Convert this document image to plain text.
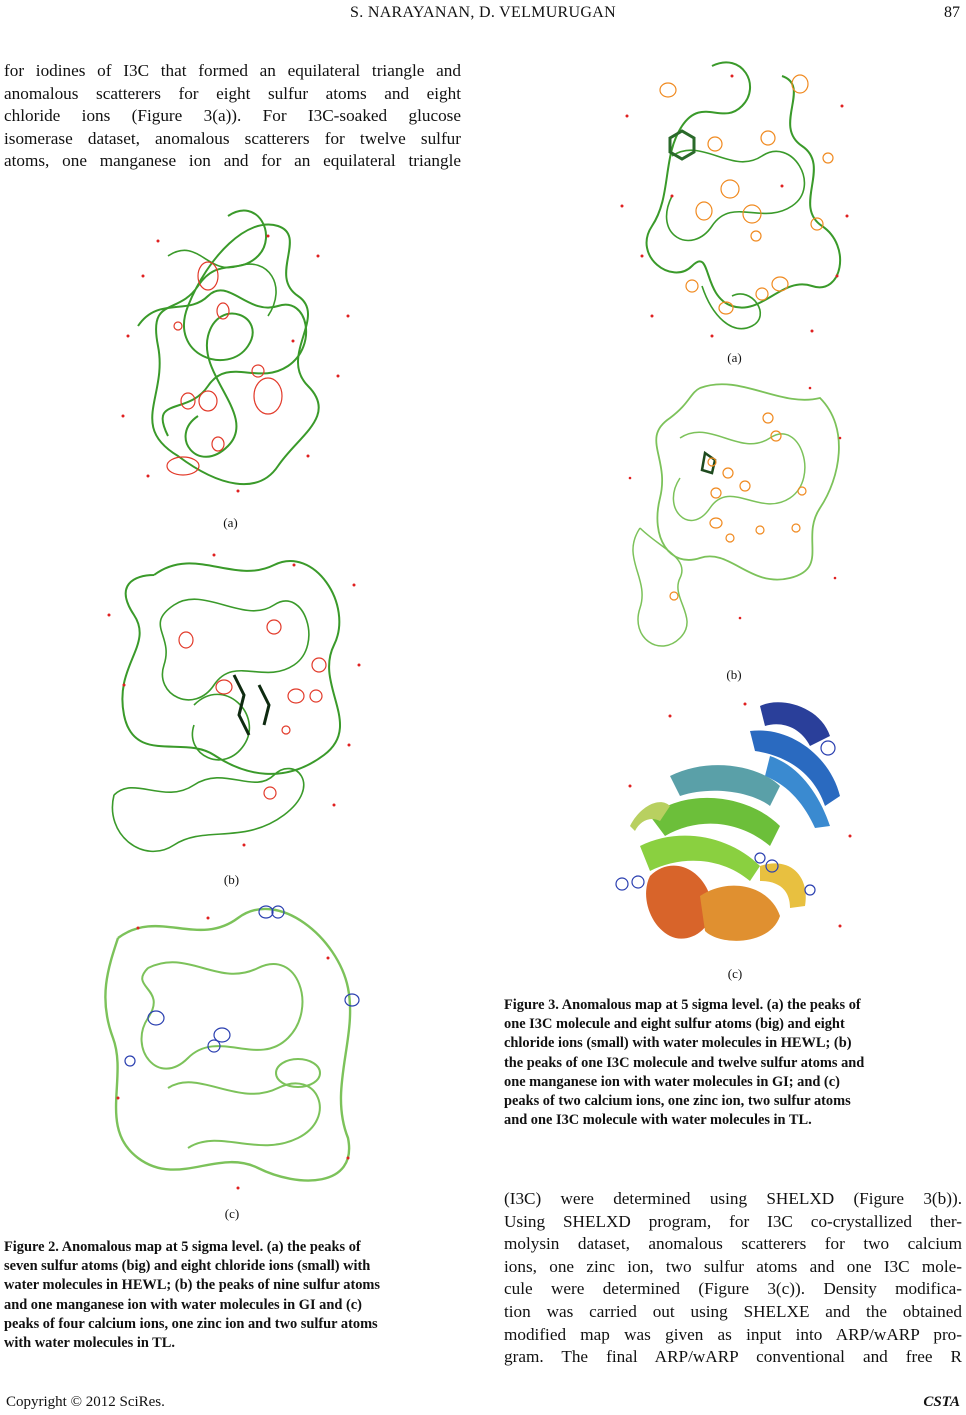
S. NARAYANAN, D. VELMURUGAN	87
for iodines of I3C that formed an equilateral triangle and
anomalous scatterers for eight sulfur atoms and eight
chloride ions (Figure 3(a)). For I3C-soaked glucose
isomerase dataset, anomalous scatterers for twelve sulfur
atoms, one manganese ion and for an equilateral triangle
(a)
(b)
(c)
Figure 2. Anomalous map at 5 sigma level. (a) the peaks of
seven sulfur atoms (big) and eight chloride ions (small) with
water molecules in HEWL; (b) the peaks of nine sulfur atoms
and one manganese ion with water molecules in GI and (c)
peaks of four calcium ions, one zinc ion and two sulfur atoms
with water molecules in TL.
(a)
(b)
(c)
Figure 3. Anomalous map at 5 sigma level. (a) the peaks of
one I3C molecule and eight sulfur atoms (big) and eight
chloride ions (small) with water molecules in HEWL; (b)
the peaks of one I3C molecule and twelve sulfur atoms and
one manganese ion with water molecules in GI; and (c)
peaks of two calcium ions, one zinc ion, two sulfur atoms
and one I3C molecule with water molecules in TL.
(I3C) were determined using SHELXD (Figure 3(b)).
Using SHELXD program, for I3C co-crystallized ther-
molysin dataset, anomalous scatterers for two calcium
ions, one zinc ion, two sulfur atoms and one I3C mole-
cule were determined (Figure 3(c)). Density modifica-
tion was carried out using SHELXE and the obtained
modified map was given as input into ARP/wARP pro-
gram. The final ARP/wARP conventional and free R
Copyright © 2012 SciRes.	CSTA
